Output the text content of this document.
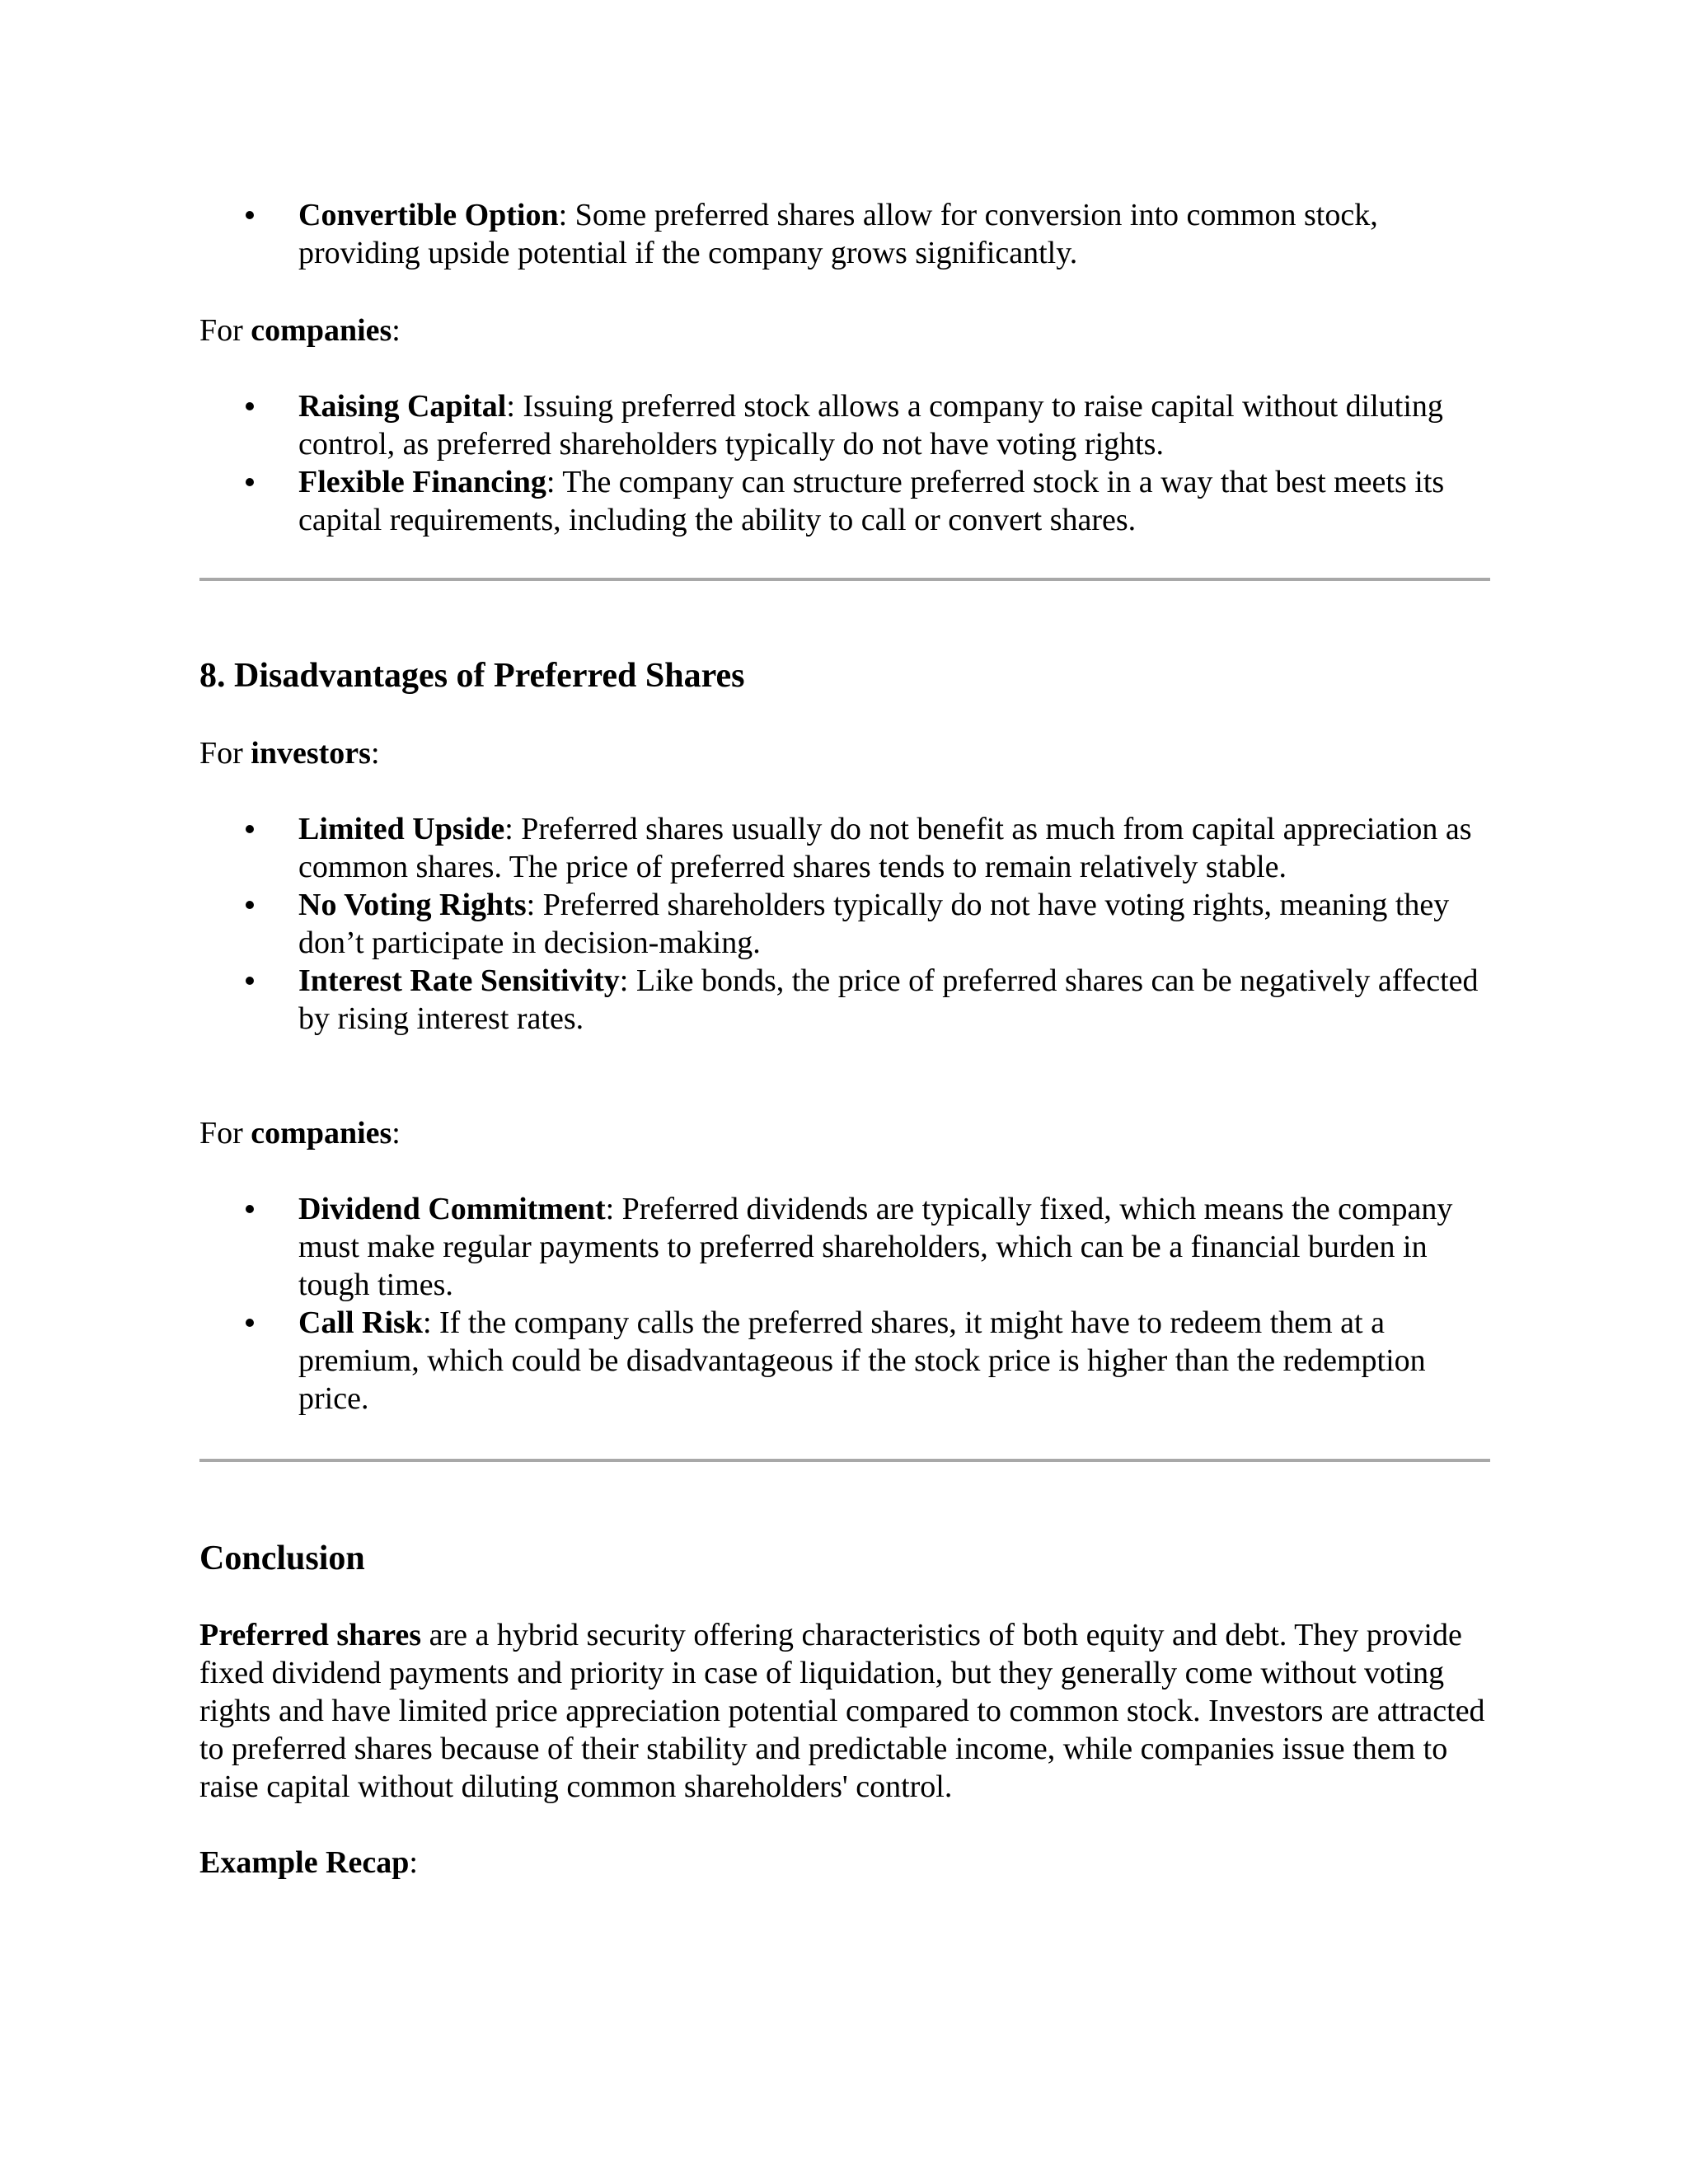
Convertible Option: Some preferred shares allow for conversion into common stock, providing upside potential if the company grows significantly.

For companies:

Raising Capital: Issuing preferred stock allows a company to raise capital without diluting control, as preferred shareholders typically do not have voting rights.
Flexible Financing: The company can structure preferred stock in a way that best meets its capital requirements, including the ability to call or convert shares.
8. Disadvantages of Preferred Shares

For investors:

Limited Upside: Preferred shares usually do not benefit as much from capital appreciation as common shares. The price of preferred shares tends to remain relatively stable.
No Voting Rights: Preferred shareholders typically do not have voting rights, meaning they don’t participate in decision-making.
Interest Rate Sensitivity: Like bonds, the price of preferred shares can be negatively affected by rising interest rates.

For companies:

Dividend Commitment: Preferred dividends are typically fixed, which means the company must make regular payments to preferred shareholders, which can be a financial burden in tough times.
Call Risk: If the company calls the preferred shares, it might have to redeem them at a premium, which could be disadvantageous if the stock price is higher than the redemption price.
Conclusion

Preferred shares are a hybrid security offering characteristics of both equity and debt. They provide fixed dividend payments and priority in case of liquidation, but they generally come without voting rights and have limited price appreciation potential compared to common stock. Investors are attracted to preferred shares because of their stability and predictable income, while companies issue them to raise capital without diluting common shareholders' control.

Example Recap:
